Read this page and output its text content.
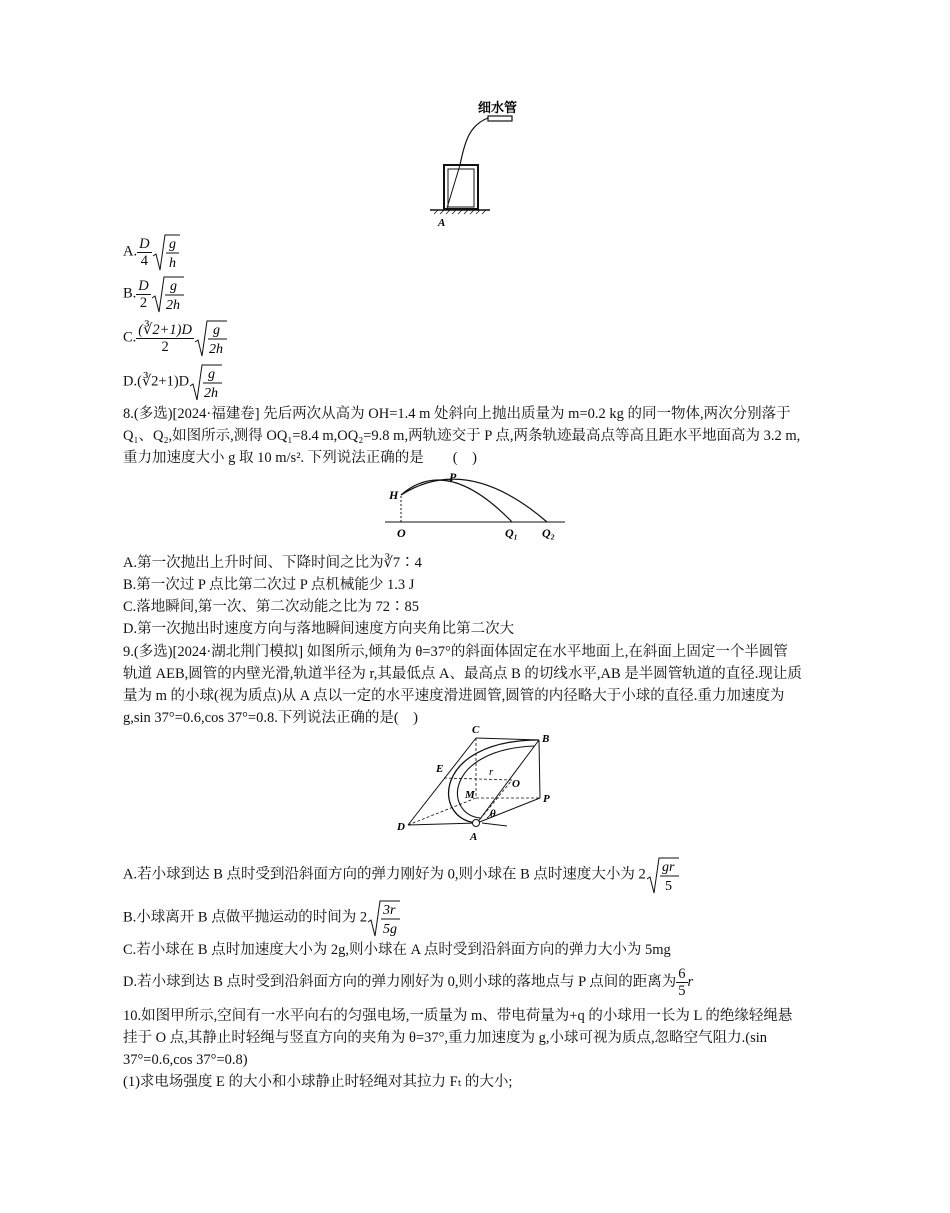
细水管
A
A. $\frac{D}{4}$ g
h
B. $\frac{D}{2}$ g
2h
C. $\frac{(∛2+1)D}{2}$ g
2h
D.(∛2+1)D g
2h
8.(多选)[2024·福建卷] 先后两次从高为 OH=1.4 m 处斜向上抛出质量为 m=0.2 kg 的同一物体,两次分别落于
Q₁、Q₂,如图所示,测得 OQ₁=8.4 m,OQ₂=9.8 m,两轨迹交于 P 点,两条轨迹最高点等高且距水平地面高为 3.2 m,
重力加速度大小 g 取 10 m/s². 下列说法正确的是　　(　)
H
P
O	Q₁ Q₂
A.第一次抛出上升时间、下降时间之比为∛7∶4
B.第一次过 P 点比第二次过 P 点机械能少 1.3 J
C.落地瞬间,第一次、第二次动能之比为 72∶85
D.第一次抛出时速度方向与落地瞬间速度方向夹角比第二次大
9.(多选)[2024·湖北荆门模拟] 如图所示,倾角为 θ=37°的斜面体固定在水平地面上,在斜面上固定一个半圆管
轨道 AEB,圆管的内壁光滑,轨道半径为 r,其最低点 A、最高点 B 的切线水平,AB 是半圆管轨道的直径.现让质
量为 m 的小球(视为质点)从 A 点以一定的水平速度滑进圆管,圆管的内径略大于小球的直径.重力加速度为
g,sin 37°=0.6,cos 37°=0.8.下列说法正确的是(　)
C
B
E	r
O
M	P
θ
D
A
A.若小球到达 B 点时受到沿斜面方向的弹力刚好为 0,则小球在 B 点时速度大小为 2 gr
5
B.小球离开 B 点做平抛运动的时间为 2 3r
5g
C.若小球在 B 点时加速度大小为 2g,则小球在 A 点时受到沿斜面方向的弹力大小为 5mg
D.若小球到达 B 点时受到沿斜面方向的弹力刚好为 0,则小球的落地点与 P 点间的距离为 $\frac{6}{5}$ r
10.如图甲所示,空间有一水平向右的匀强电场,一质量为 m、带电荷量为+q 的小球用一长为 L 的绝缘轻绳悬
挂于 O 点,其静止时轻绳与竖直方向的夹角为 θ=37°,重力加速度为 g,小球可视为质点,忽略空气阻力.(sin
37°=0.6,cos 37°=0.8)
(1)求电场强度 E 的大小和小球静止时轻绳对其拉力 Fₜ 的大小;
